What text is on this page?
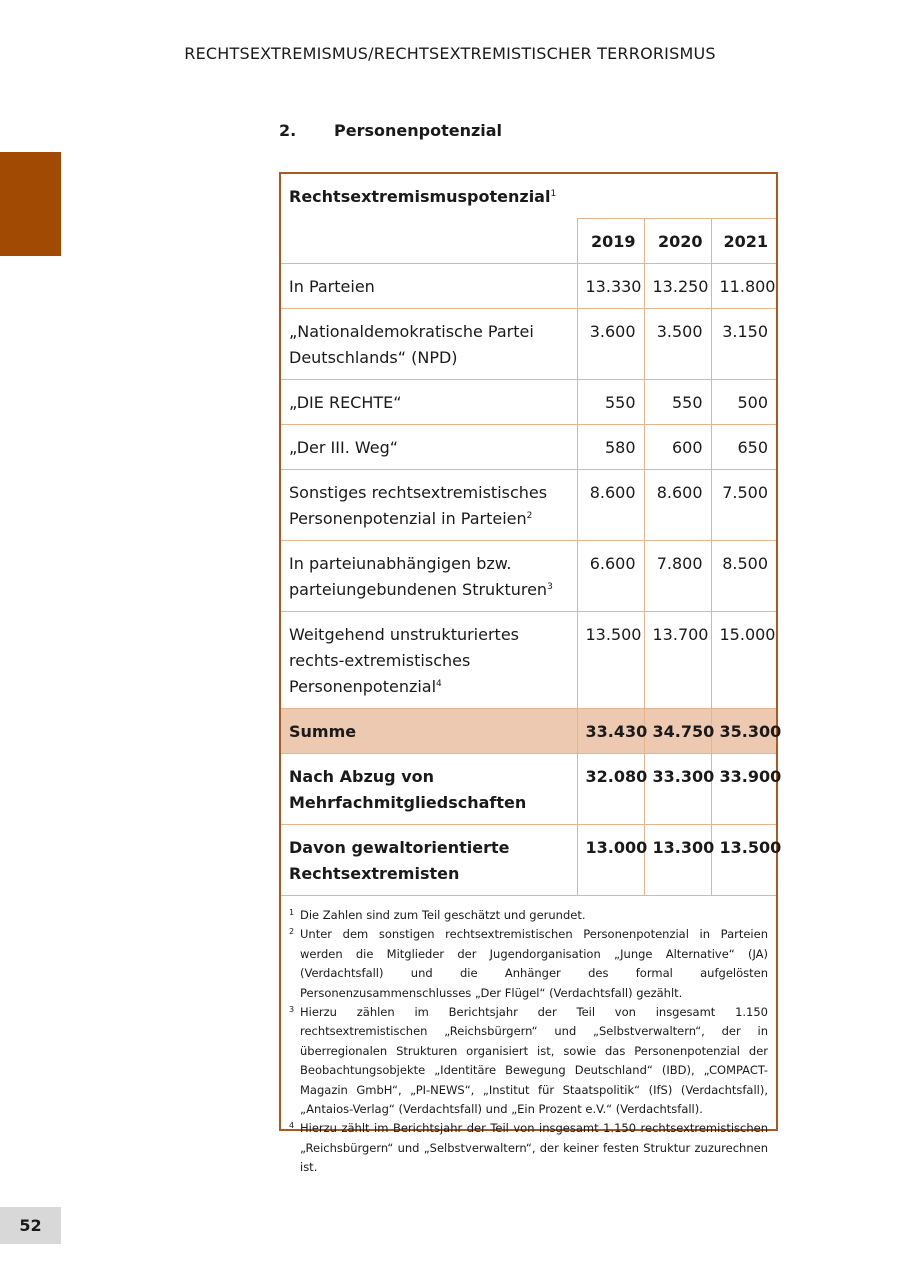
RECHTSEXTREMISMUS/RECHTSEXTREMISTISCHER TERRORISMUS
2. Personenpotenzial
Rechtsextremismuspotenzial$^1$
	2019	2020	2021
In Parteien	13.330	13.250	11.800
„Nationaldemokratische Partei Deutschlands“ (NPD)	3.600	3.500	3.150
„DIE RECHTE“	550	550	500
„Der III. Weg“	580	600	650
Sonstiges rechtsextremistisches Personenpotenzial in Parteien$^2$	8.600	8.600	7.500
In parteiunabhängigen bzw. parteiungebundenen Strukturen$^3$	6.600	7.800	8.500
Weitgehend unstrukturiertes rechts-extremistisches Personenpotenzial$^4$	13.500	13.700	15.000
Summe	33.430	34.750	35.300
Nach Abzug von Mehrfachmitgliedschaften	32.080	33.300	33.900
Davon gewaltorientierte Rechtsextremisten	13.000	13.300	13.500
1 Die Zahlen sind zum Teil geschätzt und gerundet.
2 Unter dem sonstigen rechtsextremistischen Personenpotenzial in Parteien werden die Mitglieder der Jugendorganisation „Junge Alternative“ (JA) (Verdachtsfall) und die Anhänger des formal aufgelösten Personenzusammenschlusses „Der Flügel“ (Verdachtsfall) gezählt.
3 Hierzu zählen im Berichtsjahr der Teil von insgesamt 1.150 rechtsextremistischen „Reichsbürgern“ und „Selbstverwaltern“, der in überregionalen Strukturen organisiert ist, sowie das Personenpotenzial der Beobachtungsobjekte „Identitäre Bewegung Deutschland“ (IBD), „COMPACT-Magazin GmbH“, „PI-NEWS“, „Institut für Staatspolitik“ (IfS) (Verdachtsfall), „Antaios-Verlag“ (Verdachtsfall) und „Ein Prozent e.V.“ (Verdachtsfall).
4 Hierzu zählt im Berichtsjahr der Teil von insgesamt 1.150 rechtsextremistischen „Reichsbürgern“ und „Selbstverwaltern“, der keiner festen Struktur zuzurechnen ist.
52
